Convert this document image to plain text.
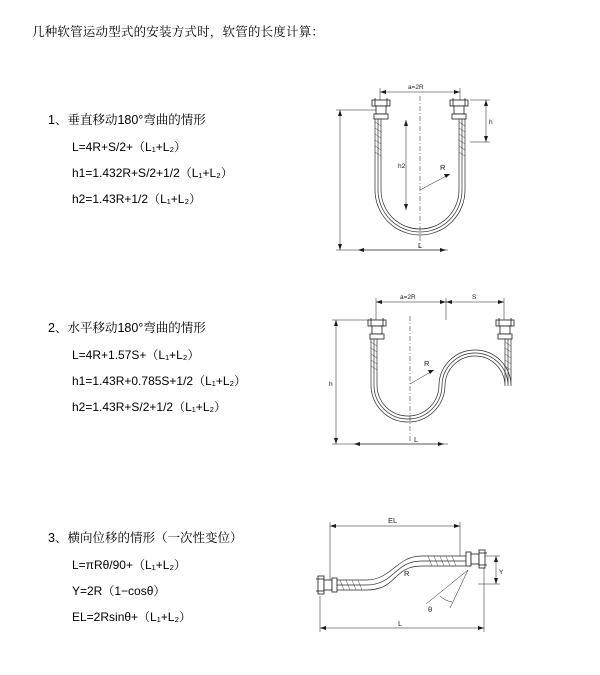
几种软管运动型式的安装方式时，软管的长度计算：
1、垂直移动180°弯曲的情形
L=4R+S/2+（L₁+L₂）
h1=1.432R+S/2+1/2（L₁+L₂）
h2=1.43R+1/2（L₁+L₂）
a=2R
h
R
h2
L
2、水平移动180°弯曲的情形
L=4R+1.57S+（L₁+L₂）
h1=1.43R+0.785S+1/2（L₁+L₂）
h2=1.43R+S/2+1/2（L₁+L₂）
a=2R	S
h
R
L
3、横向位移的情形（一次性变位）
L=πRθ/90+（L₁+L₂）
Y=2R（1−cosθ）
EL=2Rsinθ+（L₁+L₂）
EL
Y
θ
R
L
